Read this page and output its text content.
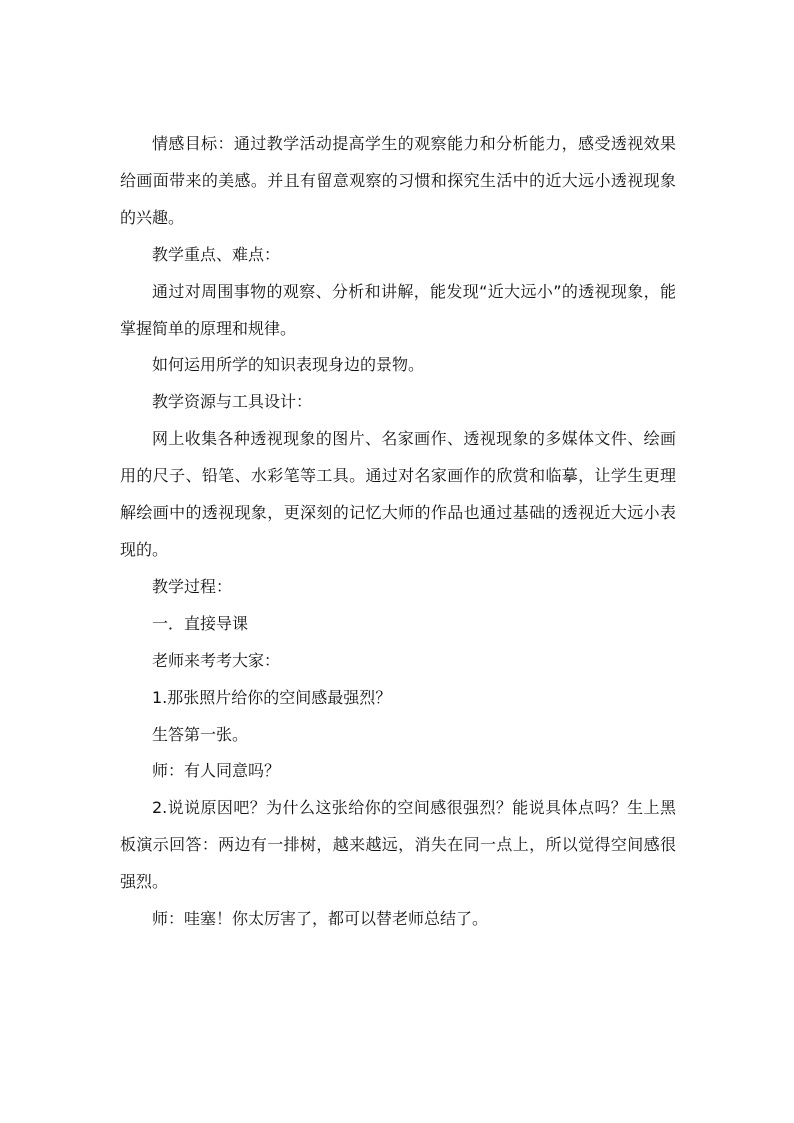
情感目标：通过教学活动提高学生的观察能力和分析能力，感受透视效果给画面带来的美感。并且有留意观察的习惯和探究生活中的近大远小透视现象的兴趣。

教学重点、难点：

通过对周围事物的观察、分析和讲解，能发现“近大远小”的透视现象，能掌握简单的原理和规律。

如何运用所学的知识表现身边的景物。

教学资源与工具设计：

网上收集各种透视现象的图片、名家画作、透视现象的多媒体文件、绘画用的尺子、铅笔、水彩笔等工具。通过对名家画作的欣赏和临摹，让学生更理解绘画中的透视现象，更深刻的记忆大师的作品也通过基础的透视近大远小表现的。

教学过程：

一．直接导课

老师来考考大家：

1.那张照片给你的空间感最强烈？

生答第一张。

师：有人同意吗？

2.说说原因吧？为什么这张给你的空间感很强烈？能说具体点吗？生上黑板演示回答：两边有一排树，越来越远，消失在同一点上，所以觉得空间感很强烈。

师：哇塞！你太厉害了，都可以替老师总结了。
